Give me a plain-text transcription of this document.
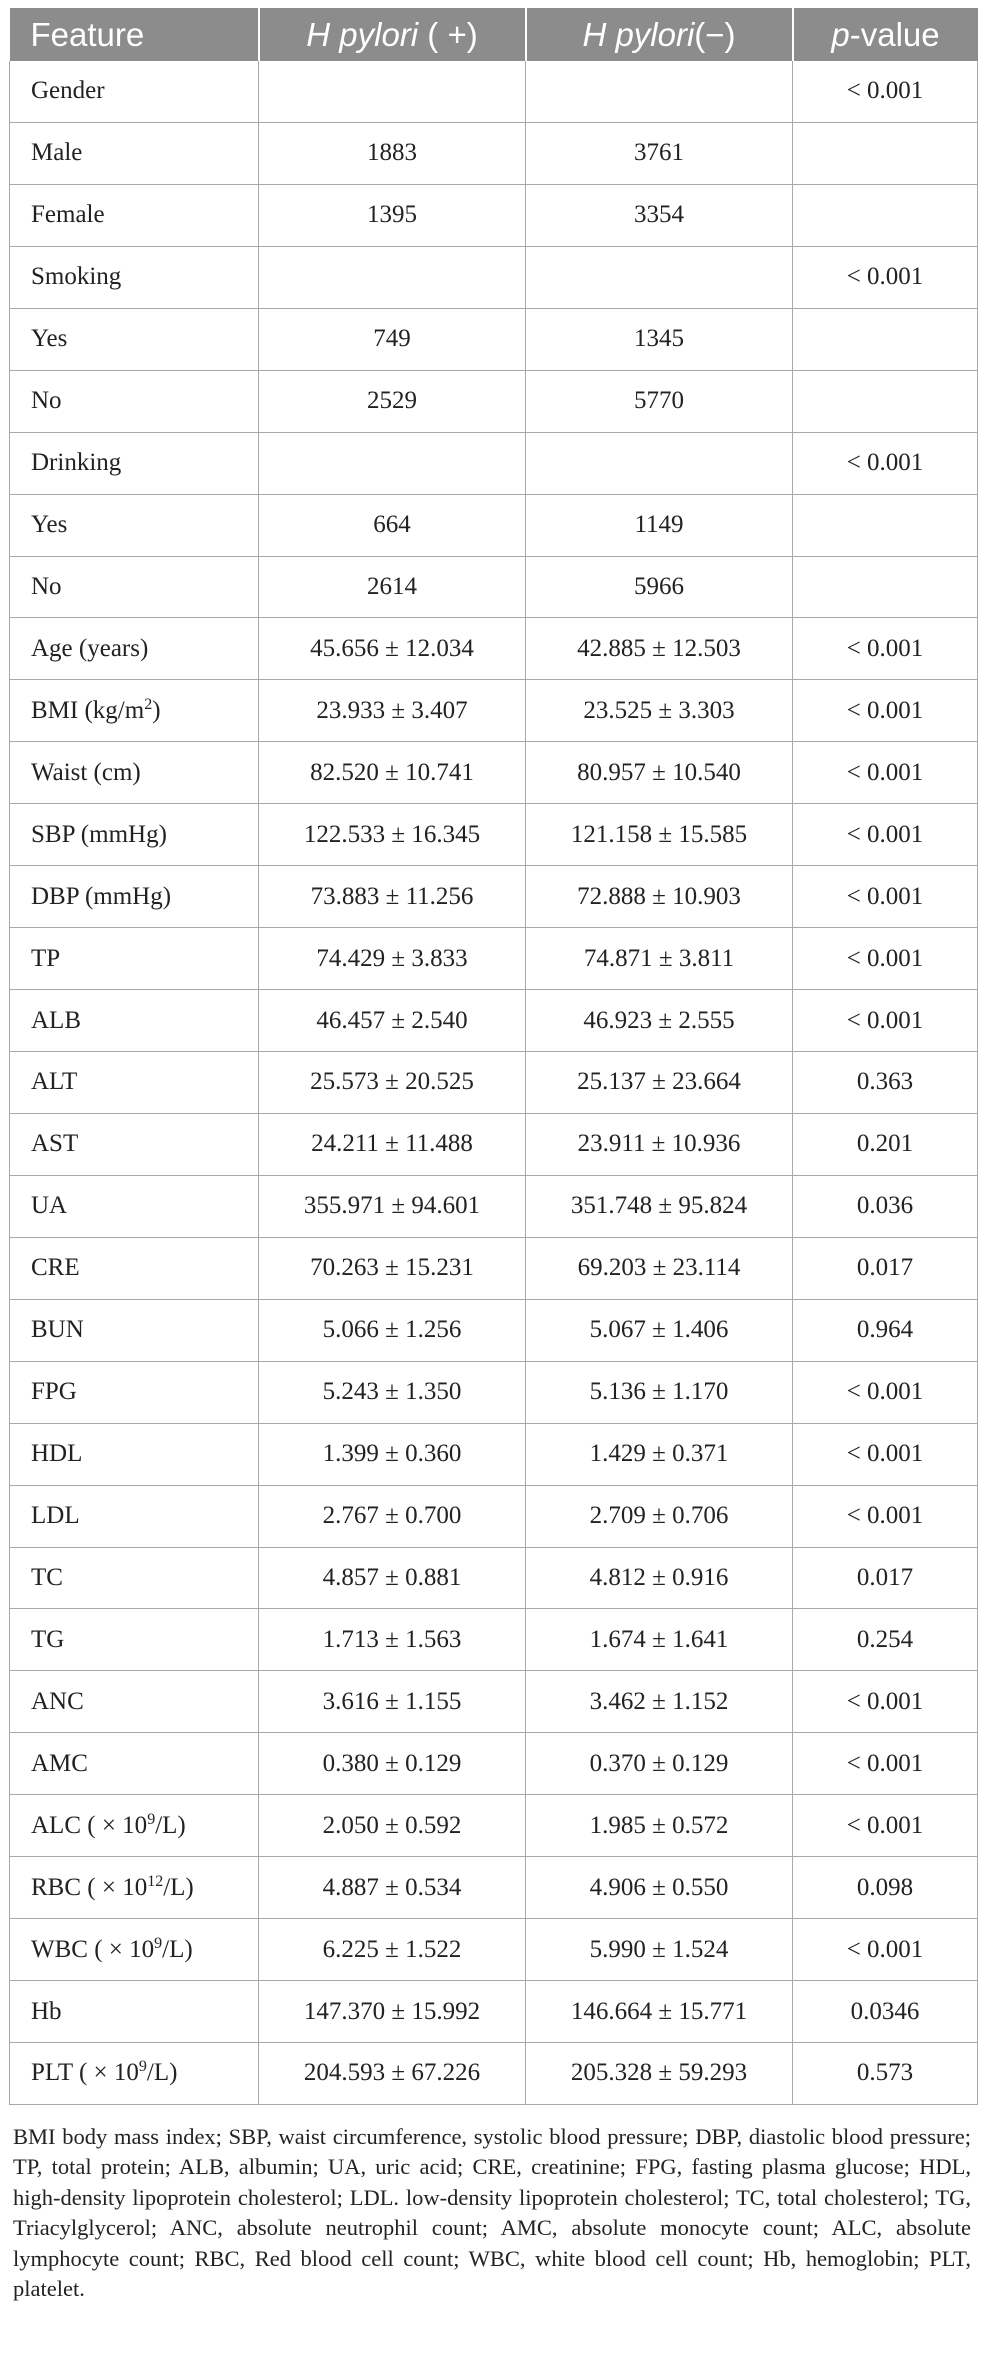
Feature	H pylori ( +)	H pylori(−)	p-value
Gender			< 0.001
Male	1883	3761	
Female	1395	3354	
Smoking			< 0.001
Yes	749	1345	
No	2529	5770	
Drinking			< 0.001
Yes	664	1149	
No	2614	5966	
Age (years)	45.656 ± 12.034	42.885 ± 12.503	< 0.001
BMI $(kg/m^2)$	23.933 ± 3.407	23.525 ± 3.303	< 0.001
Waist (cm)	82.520 ± 10.741	80.957 ± 10.540	< 0.001
SBP (mmHg)	122.533 ± 16.345	121.158 ± 15.585	< 0.001
DBP (mmHg)	73.883 ± 11.256	72.888 ± 10.903	< 0.001
TP	74.429 ± 3.833	74.871 ± 3.811	< 0.001
ALB	46.457 ± 2.540	46.923 ± 2.555	< 0.001
ALT	25.573 ± 20.525	25.137 ± 23.664	0.363
AST	24.211 ± 11.488	23.911 ± 10.936	0.201
UA	355.971 ± 94.601	351.748 ± 95.824	0.036
CRE	70.263 ± 15.231	69.203 ± 23.114	0.017
BUN	5.066 ± 1.256	5.067 ± 1.406	0.964
FPG	5.243 ± 1.350	5.136 ± 1.170	< 0.001
HDL	1.399 ± 0.360	1.429 ± 0.371	< 0.001
LDL	2.767 ± 0.700	2.709 ± 0.706	< 0.001
TC	4.857 ± 0.881	4.812 ± 0.916	0.017
TG	1.713 ± 1.563	1.674 ± 1.641	0.254
ANC	3.616 ± 1.155	3.462 ± 1.152	< 0.001
AMC	0.380 ± 0.129	0.370 ± 0.129	< 0.001
ALC ( × $10^9/L$)	2.050 ± 0.592	1.985 ± 0.572	< 0.001
RBC ( × $10^{12}/L$)	4.887 ± 0.534	4.906 ± 0.550	0.098
WBC ( × $10^9/L$)	6.225 ± 1.522	5.990 ± 1.524	< 0.001
Hb	147.370 ± 15.992	146.664 ± 15.771	0.0346
PLT ( × $10^9/L$)	204.593 ± 67.226	205.328 ± 59.293	0.573
BMI body mass index; SBP, waist circumference, systolic blood pressure; DBP, diastolic blood pressure; TP, total protein; ALB, albumin; UA, uric acid; CRE, creatinine; FPG, fasting plasma glucose; HDL, high-density lipoprotein cholesterol; LDL. low-density lipoprotein cholesterol; TC, total cholesterol; TG, Triacylglycerol; ANC, absolute neutrophil count; AMC, absolute monocyte count; ALC, absolute lymphocyte count; RBC, Red blood cell count; WBC, white blood cell count; Hb, hemoglobin; PLT, platelet.
